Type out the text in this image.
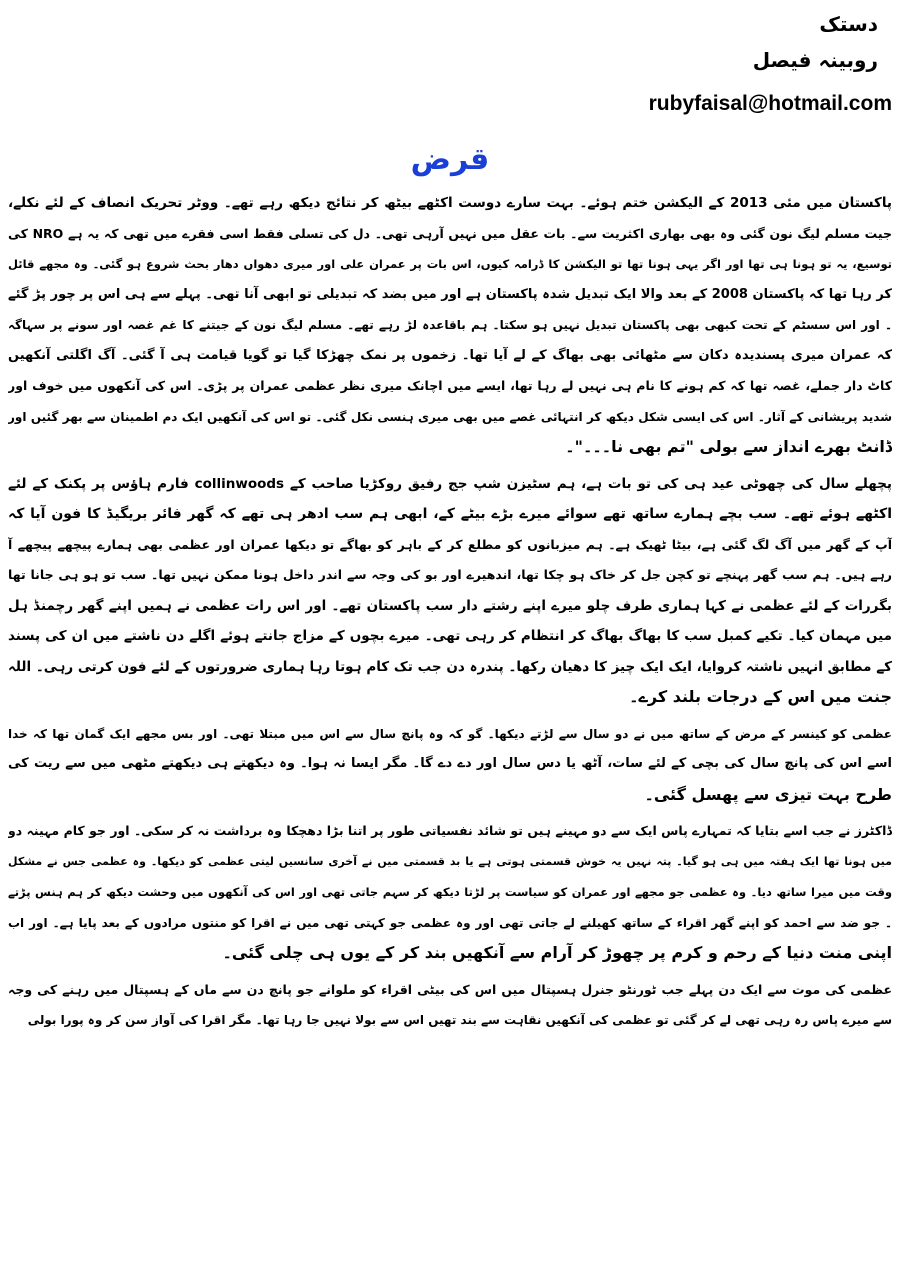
دستک
روبینہ فیصل
rubyfaisal@hotmail.com
قرض
پاکستان میں مئی 2013 کے الیکشن ختم ہوئے۔ بہت سارے دوست اکٹھے بیٹھ کر نتائج دیکھ رہے تھے۔ ووٹر تحریک انصاف کے لئے نکلے،
جیت مسلم لیگ نون گئی وہ بھی بھاری اکثریت سے۔ بات عقل میں نہیں آرہی تھی۔ دل کی تسلی فقط اسی فقرے میں تھی کہ یہ ہے NRO کی
توسیع، یہ تو ہونا ہی تھا اور اگر یہی ہونا تھا تو الیکشن کا ڈرامہ کیوں، اس بات پر عمران علی اور میری دھواں دھار بحث شروع ہو گئی۔ وہ مجھے قائل
کر رہا تھا کہ پاکستان 2008 کے بعد والا ایک تبدیل شدہ پاکستان ہے اور میں بضد کہ تبدیلی تو ابھی آنا تھی۔ پہلے سے ہی اس پر چور پڑ گئے
۔ اور اس سسٹم کے تحت کبھی بھی پاکستان تبدیل نہیں ہو سکتا۔ ہم باقاعدہ لڑ رہے تھے۔ مسلم لیگ نون کے جیتنے کا غم غصہ اور سونے پر سہاگہ
کہ عمران میری پسندیدہ دکان سے مٹھائی بھی بھاگ کے لے آیا تھا۔ زخموں پر نمک چھڑکا گیا تو گویا قیامت ہی آ گئی۔ آگ اگلتی آنکھیں
کاٹ دار جملے، غصہ تھا کہ کم ہونے کا نام ہی نہیں لے رہا تھا، ایسے میں اچانک میری نظر عظمی عمران پر پڑی۔ اس کی آنکھوں میں خوف اور
شدید پریشانی کے آثار۔ اس کی ایسی شکل دیکھ کر انتہائی غصے میں بھی میری ہنسی نکل گئی۔ تو اس کی آنکھیں ایک دم اطمینان سے بھر گئیں اور
ڈانٹ بھرے انداز سے بولی "تم بھی نا۔۔۔"۔
پچھلے سال کی چھوٹی عید ہی کی تو بات ہے، ہم سٹیزن شپ جج رفیق روکڑیا صاحب کے collinwoods فارم ہاؤس پر پکنک کے لئے
اکٹھے ہوئے تھے۔ سب بچے ہمارے ساتھ تھے سوائے میرے بڑے بیٹے کے، ابھی ہم سب ادھر ہی تھے کہ گھر فائر بریگیڈ کا فون آیا کہ
آپ کے گھر میں آگ لگ گئی ہے، بیٹا ٹھیک ہے۔ ہم میزبانوں کو مطلع کر کے باہر کو بھاگے تو دیکھا عمران اور عظمی بھی ہمارے پیچھے پیچھے آ
رہے ہیں۔ ہم سب گھر پہنچے تو کچن جل کر خاک ہو چکا تھا، اندھیرے اور بو کی وجہ سے اندر داخل ہونا ممکن نہیں تھا۔ سب تو ہو ہی جانا تھا
بگررات کے لئے عظمی نے کہا ہماری طرف چلو میرے اپنے رشتے دار سب پاکستان تھے۔ اور اس رات عظمی نے ہمیں اپنے گھر رچمنڈ ہل
میں مہمان کیا۔ تکیے کمبل سب کا بھاگ بھاگ کر انتظام کر رہی تھی۔ میرے بچوں کے مزاج جانتے ہوئے اگلے دن ناشتے میں ان کی پسند
کے مطابق انہیں ناشتہ کروایا، ایک ایک چیز کا دھیان رکھا۔ پندرہ دن جب تک کام ہوتا رہا ہماری ضرورتوں کے لئے فون کرتی رہی۔ اللہ
جنت میں اس کے درجات بلند کرے۔
عظمی کو کینسر کے مرض کے ساتھ میں نے دو سال سے لڑتے دیکھا۔ گو کہ وہ پانچ سال سے اس میں مبتلا تھی۔ اور بس مجھے ایک گمان تھا کہ خدا
اسے اس کی پانچ سال کی بچی کے لئے سات، آٹھ یا دس سال اور دے دے گا۔ مگر ایسا نہ ہوا۔ وہ دیکھتے ہی دیکھتے مٹھی میں سے ریت کی
طرح بہت تیزی سے پھسل گئی۔
ڈاکٹرز نے جب اسے بتایا کہ تمہارے پاس ایک سے دو مہینے ہیں تو شائد نفسیاتی طور پر اتنا بڑا دھچکا وہ برداشت نہ کر سکی۔ اور جو کام مہینہ دو
میں ہونا تھا ایک ہفتہ میں ہی ہو گیا۔ پتہ نہیں یہ خوش قسمتی ہوتی ہے یا بد قسمتی میں نے آخری سانسیں لیتی عظمی کو دیکھا۔ وہ عظمی جس نے مشکل
وقت میں میرا ساتھ دیا۔ وہ عظمی جو مجھے اور عمران کو سیاست پر لڑتا دیکھ کر سہم جاتی تھی اور اس کی آنکھوں میں وحشت دیکھ کر ہم ہنس پڑتے
۔ جو ضد سے احمد کو اپنے گھر اقراء کے ساتھ کھیلنے لے جاتی تھی اور وہ عظمی جو کہتی تھی میں نے اقرا کو منتوں مرادوں کے بعد پایا ہے۔ اور اب
اپنی منت دنیا کے رحم و کرم پر چھوڑ کر آرام سے آنکھیں بند کر کے یوں ہی چلی گئی۔
عظمی کی موت سے ایک دن پہلے جب ٹورنٹو جنرل ہسپتال میں اس کی بیٹی اقراء کو ملوانے جو پانچ دن سے ماں کے ہسپتال میں رہنے کی وجہ
سے میرے پاس رہ رہی تھی لے کر گئی تو عظمی کی آنکھیں نقاہت سے بند تھیں اس سے بولا نہیں جا رہا تھا۔ مگر اقرا کی آواز سن کر وہ پورا بولی
